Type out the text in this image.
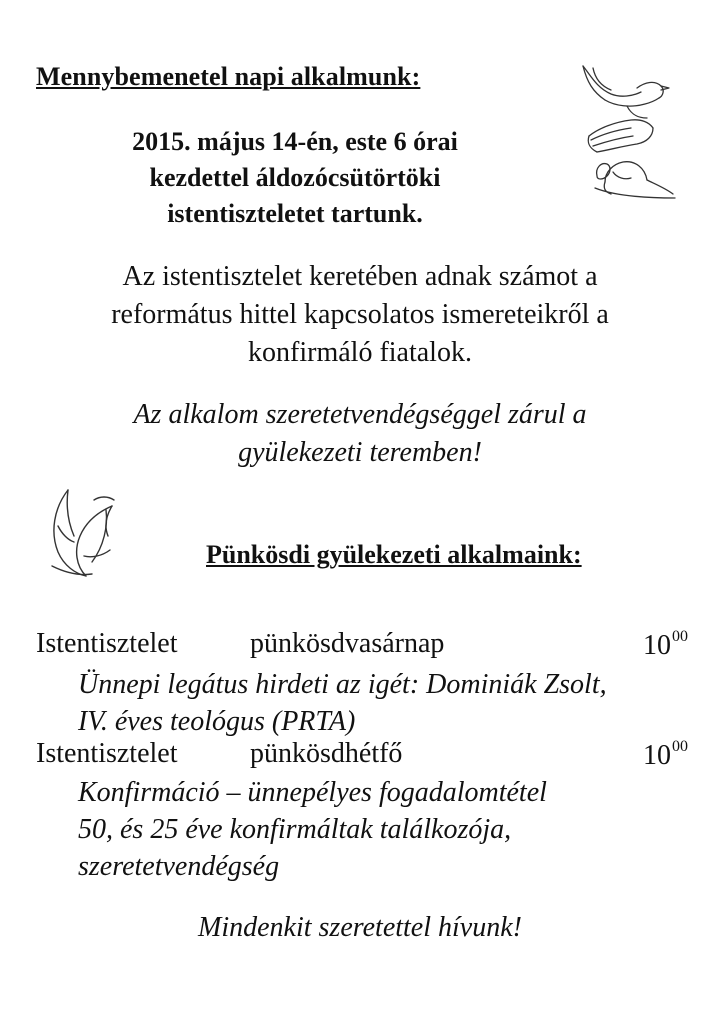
Mennybemenetel napi alkalmunk:
2015. május 14-én, este 6 órai
kezdettel áldozócsütörtöki
istentiszteletet tartunk.
Az istentisztelet keretében adnak számot a
református hittel kapcsolatos ismereteikről a
konfirmáló fiatalok.
Az alkalom szeretetvendégséggel zárul a
gyülekezeti teremben!
Pünkösdi gyülekezeti alkalmaink:
Istentisztelet	pünkösdvasárnap	$10^{00}$
Ünnepi legátus hirdeti az igét: Dominiák Zsolt,
IV. éves teológus (PRTA)
Istentisztelet	pünkösdhétfő	$10^{00}$
Konfirmáció – ünnepélyes fogadalomtétel
50, és 25 éve konfirmáltak találkozója,
szeretetvendégség
Mindenkit szeretettel hívunk!
